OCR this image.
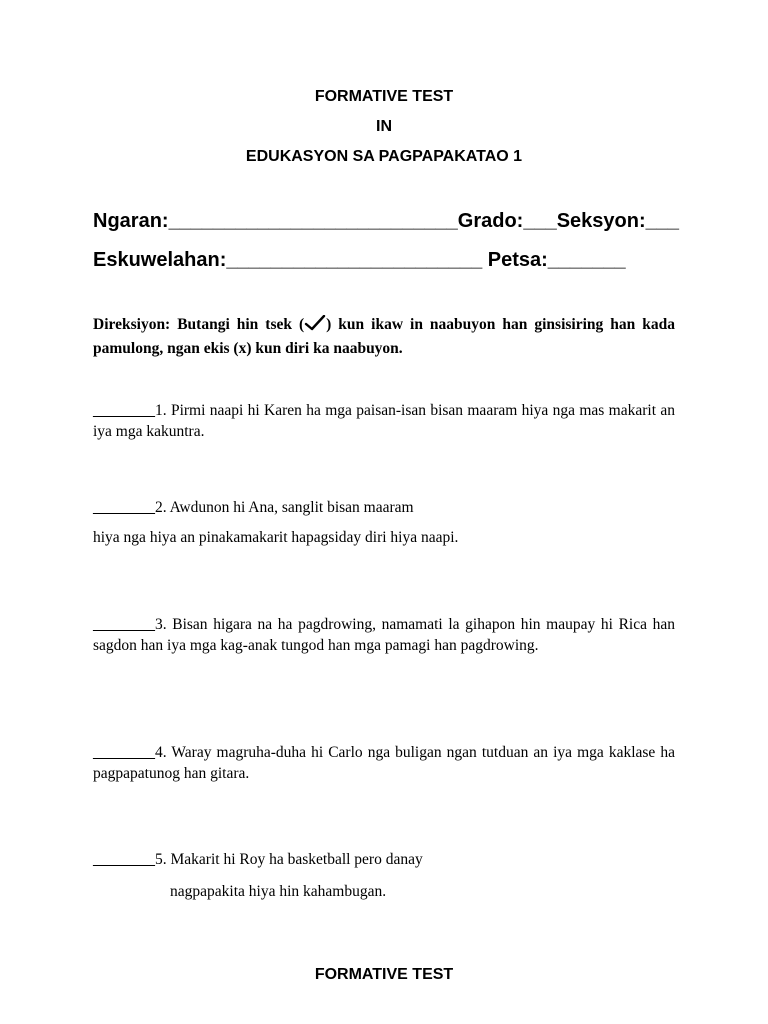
FORMATIVE TEST
IN
EDUKASYON SA PAGPAPAKATAO 1
Ngaran:__________________________Grado:___Seksyon:___
Eskuwelahan:_______________________ Petsa:_______
Direksiyon: Butangi hin tsek ( ) kun ikaw in naabuyon han ginsisiring han kada pamulong, ngan ekis (x) kun diri ka naabuyon.
________1. Pirmi naapi hi Karen ha mga paisan-isan bisan maaram hiya nga mas makarit an iya mga kakuntra.
________2. Awdunon hi Ana, sanglit bisan maaram
hiya nga hiya an pinakamakarit hapagsiday diri hiya naapi.
________3. Bisan higara na ha pagdrowing, namamati la gihapon hin maupay hi Rica han sagdon han iya mga kag-anak tungod han mga pamagi han pagdrowing.
________4. Waray magruha-duha hi Carlo nga buligan ngan tutduan an iya mga kaklase ha pagpapatunog han gitara.
________5. Makarit hi Roy ha basketball pero danay
nagpapakita hiya hin kahambugan.
FORMATIVE TEST
